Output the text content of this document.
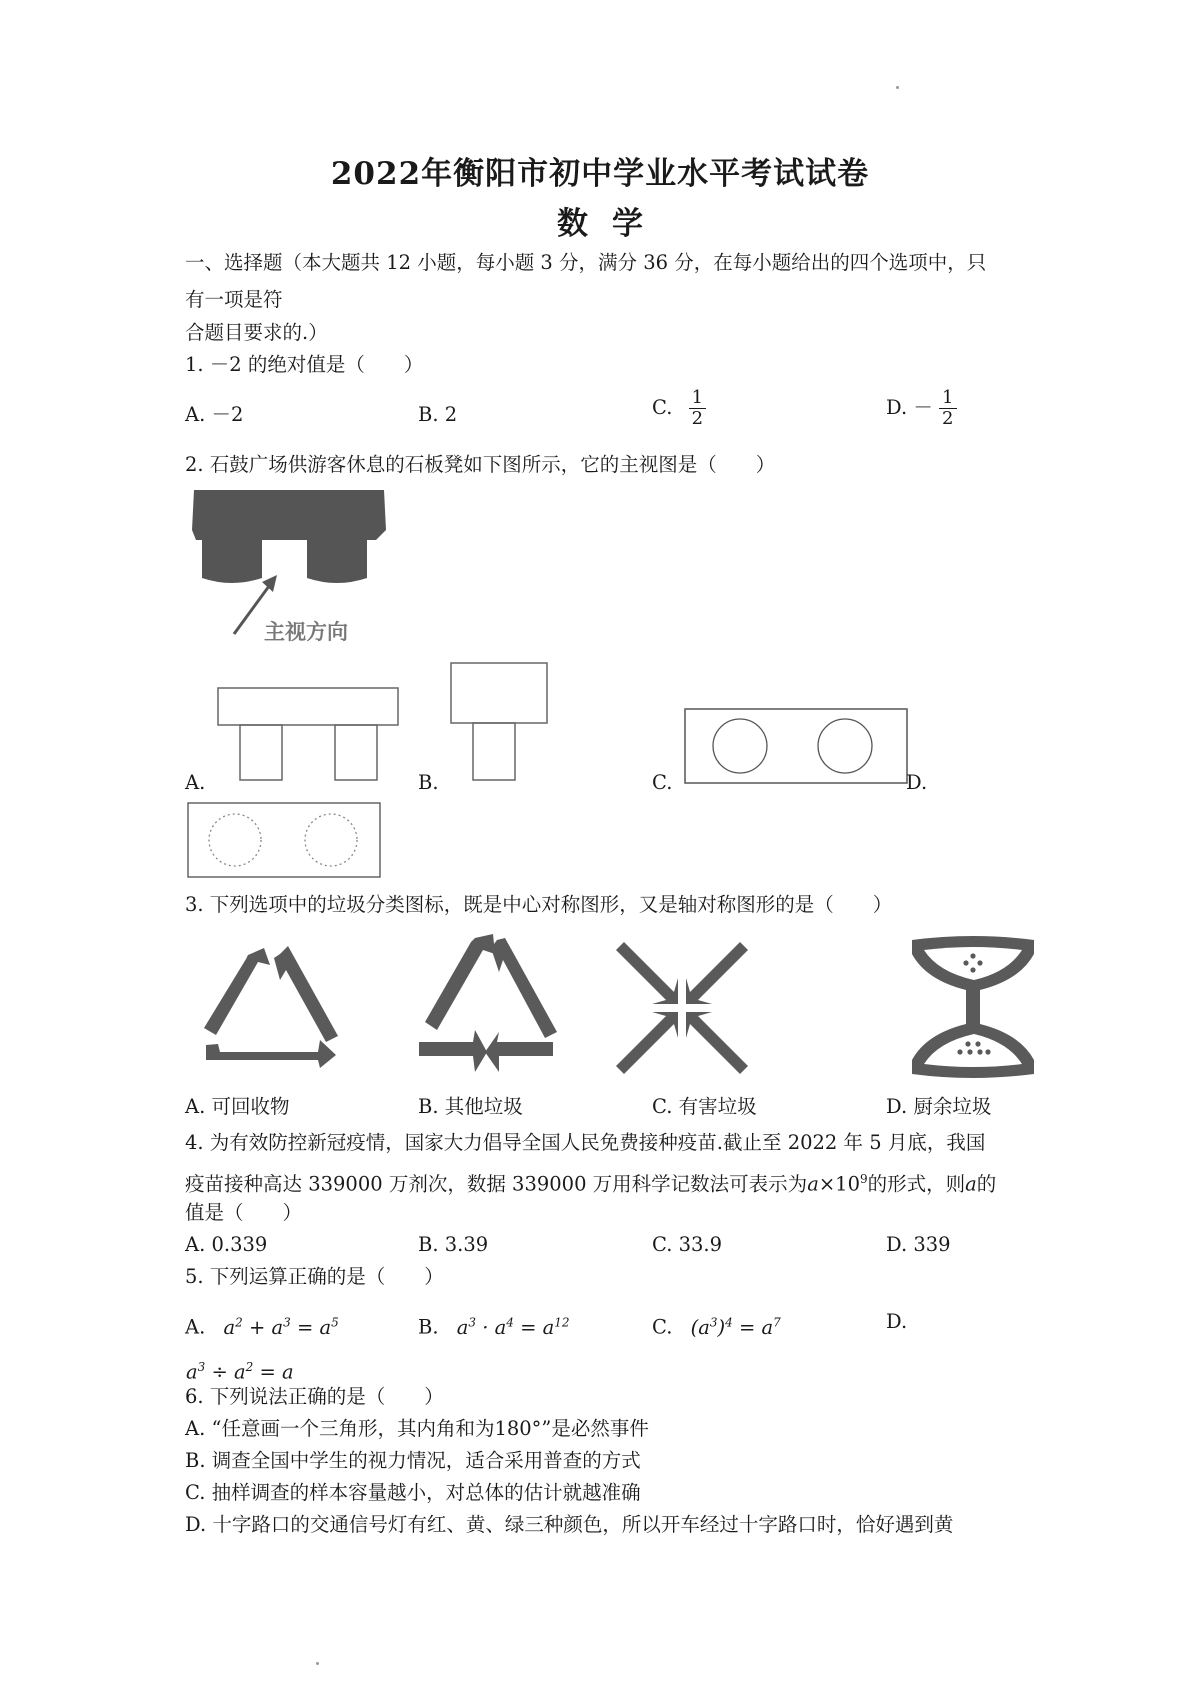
2022年衡阳市初中学业水平考试试卷
数学
一、选择题（本大题共 12 小题，每小题 3 分，满分 36 分，在每小题给出的四个选项中，只
有一项是符
合题目要求的.）
1. －2 的绝对值是（　　）
A. －2	B. 2	C. $\frac{1}{2}$	D. － $\frac{1}{2}$
2. 石鼓广场供游客休息的石板凳如下图所示，它的主视图是（　　）
主视方向
A.	B.	C.	D.
3. 下列选项中的垃圾分类图标，既是中心对称图形，又是轴对称图形的是（　　）
A. 可回收物	B. 其他垃圾	C. 有害垃圾	D. 厨余垃圾
4. 为有效防控新冠疫情，国家大力倡导全国人民免费接种疫苗.截止至 2022 年 5 月底，我国
疫苗接种高达 339000 万剂次，数据 339000 万用科学记数法可表示为$a\times 10^9$的形式，则a的
值是（　　）
A. 0.339	B. 3.39	C. 33.9	D. 339
5. 下列运算正确的是（　　）
A. $a^2 + a^3 = a^5$	B. $a^3 \cdot a^4 = a^{12}$	C. $(a^3)^4 = a^7$	D.
$a^3 \div a^2 = a$
6. 下列说法正确的是（　　）
A. “任意画一个三角形，其内角和为180°”是必然事件
B. 调查全国中学生的视力情况，适合采用普查的方式
C. 抽样调查的样本容量越小，对总体的估计就越准确
D. 十字路口的交通信号灯有红、黄、绿三种颜色，所以开车经过十字路口时，恰好遇到黄
